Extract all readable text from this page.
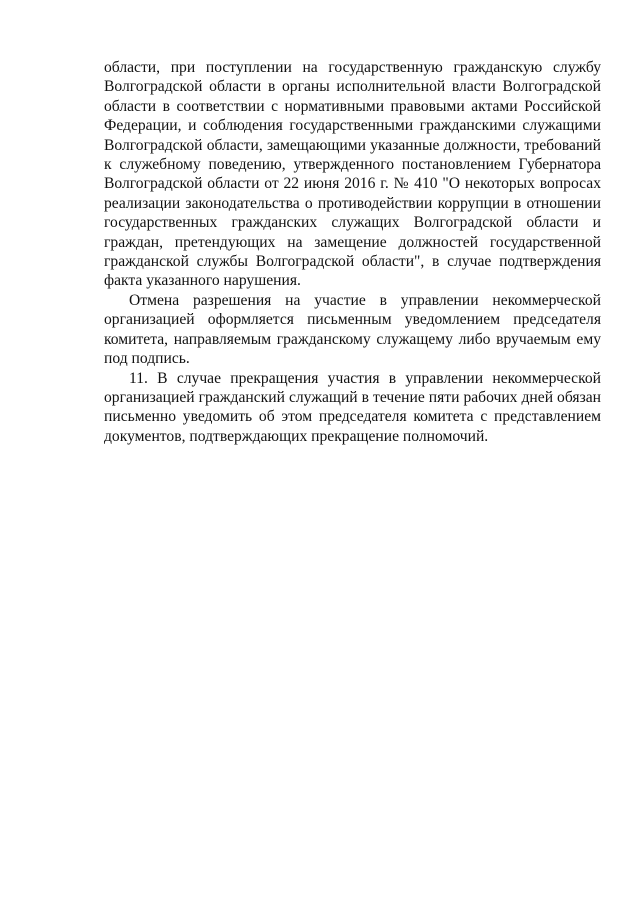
области, при поступлении на государственную гражданскую службу Волгоградской области в органы исполнительной власти Волгоградской области в соответствии с нормативными правовыми актами Российской Федерации, и соблюдения государственными гражданскими служащими Волгоградской области, замещающими указанные должности, требований к служебному поведению, утвержденного постановлением Губернатора Волгоградской области от 22 июня 2016 г. № 410 "О некоторых вопросах реализации законодательства о противодействии коррупции в отношении государственных гражданских служащих Волгоградской области и граждан, претендующих на замещение должностей государственной гражданской службы Волгоградской области", в случае подтверждения факта указанного нарушения.

Отмена разрешения на участие в управлении некоммерческой организацией оформляется письменным уведомлением председателя комитета, направляемым гражданскому служащему либо вручаемым ему под подпись.

11. В случае прекращения участия в управлении некоммерческой организацией гражданский служащий в течение пяти рабочих дней обязан письменно уведомить об этом председателя комитета с представлением документов, подтверждающих прекращение полномочий.
